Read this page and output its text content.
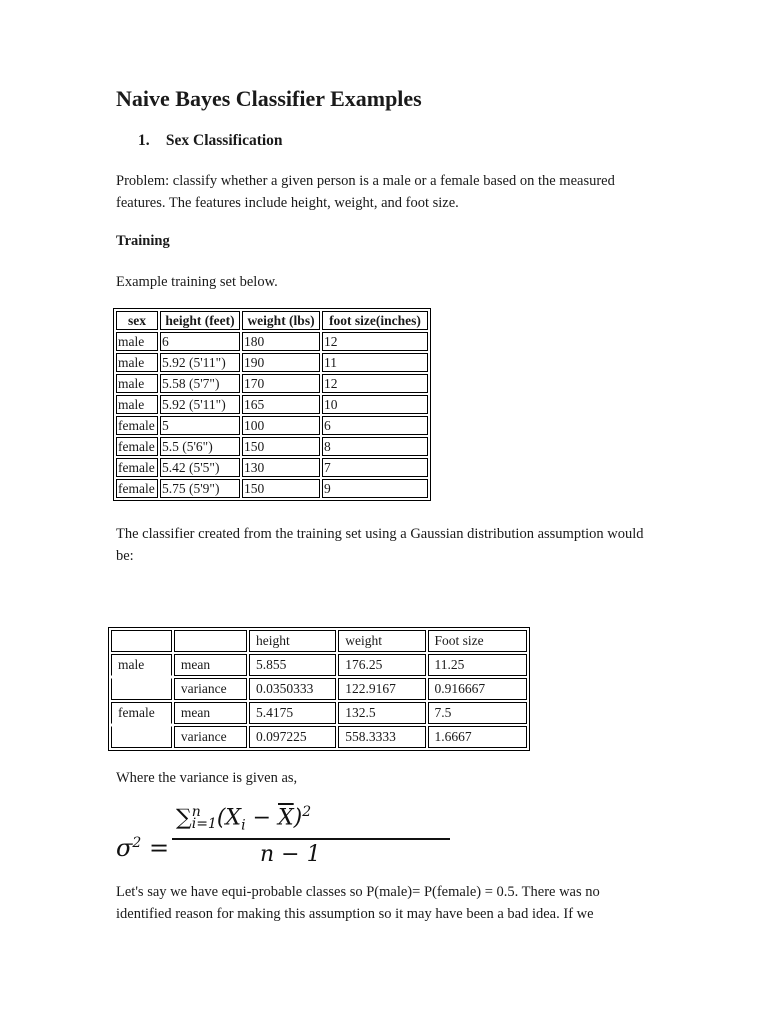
Naive Bayes Classifier Examples
1. Sex Classification

Problem: classify whether a given person is a male or a female based on the measured features. The features include height, weight, and foot size.

Training

Example training set below.

sex	height (feet)	weight (lbs)	foot size(inches)
male	6	180	12
male	5.92 (5'11")	190	11
male	5.58 (5'7")	170	12
male	5.92 (5'11")	165	10
female	5	100	6
female	5.5 (5'6")	150	8
female	5.42 (5'5")	130	7
female	5.75 (5'9")	150	9

The classifier created from the training set using a Gaussian distribution assumption would be:

		height	weight	Foot size
male	mean	5.855	176.25	11.25
	variance	0.0350333	122.9167	0.916667
female	mean	5.4175	132.5	7.5
	variance	0.097225	558.3333	1.6667

Where the variance is given as,

$\sigma^2$ =
∑ n
i=1 $(X_i - \overline{X})^2$
n − 1

Let's say we have equi-probable classes so P(male)= P(female) = 0.5. There was no identified reason for making this assumption so it may have been a bad idea. If we
